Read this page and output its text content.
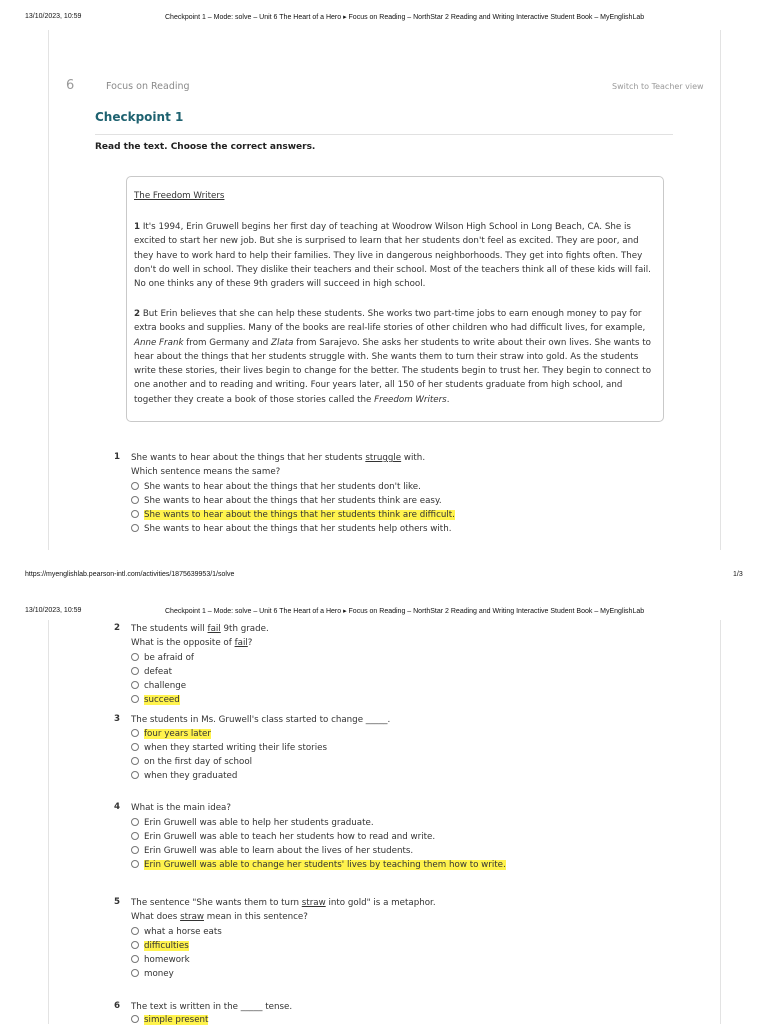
13/10/2023, 10:59	Checkpoint 1 – Mode: solve – Unit 6 The Heart of a Hero ▸ Focus on Reading – NorthStar 2 Reading and Writing Interactive Student Book – MyEnglishLab
6	Focus on Reading	Switch to Teacher view
Checkpoint 1
Read the text. Choose the correct answers.
The Freedom Writers
1 It's 1994, Erin Gruwell begins her first day of teaching at Woodrow Wilson High School in Long Beach, CA. She is excited to start her new job. But she is surprised to learn that her students don't feel as excited. They are poor, and they have to work hard to help their families. They live in dangerous neighborhoods. They get into fights often. They don't do well in school. They dislike their teachers and their school. Most of the teachers think all of these kids will fail. No one thinks any of these 9th graders will succeed in high school.
2 But Erin believes that she can help these students. She works two part-time jobs to earn enough money to pay for extra books and supplies. Many of the books are real-life stories of other children who had difficult lives, for example, Anne Frank from Germany and Zlata from Sarajevo. She asks her students to write about their own lives. She wants to hear about the things that her students struggle with. She wants them to turn their straw into gold. As the students write these stories, their lives begin to change for the better. The students begin to trust her. They begin to connect to one another and to reading and writing. Four years later, all 150 of her students graduate from high school, and together they create a book of those stories called the Freedom Writers.
1 She wants to hear about the things that her students struggle with.
Which sentence means the same?
She wants to hear about the things that her students don't like.
She wants to hear about the things that her students think are easy.
She wants to hear about the things that her students think are difficult.
She wants to hear about the things that her students help others with.
https://myenglishlab.pearson-intl.com/activities/1875639953/1/solve	1/3
13/10/2023, 10:59	Checkpoint 1 – Mode: solve – Unit 6 The Heart of a Hero ▸ Focus on Reading – NorthStar 2 Reading and Writing Interactive Student Book – MyEnglishLab
2 The students will fail 9th grade.
What is the opposite of fail?
be afraid of
defeat
challenge
succeed
3 The students in Ms. Gruwell's class started to change _____.
four years later
when they started writing their life stories
on the first day of school
when they graduated
4 What is the main idea?
Erin Gruwell was able to help her students graduate.
Erin Gruwell was able to teach her students how to read and write.
Erin Gruwell was able to learn about the lives of her students.
Erin Gruwell was able to change her students' lives by teaching them how to write.
5 The sentence "She wants them to turn straw into gold" is a metaphor.
What does straw mean in this sentence?
what a horse eats
difficulties
homework
money
6 The text is written in the _____ tense.
simple present
